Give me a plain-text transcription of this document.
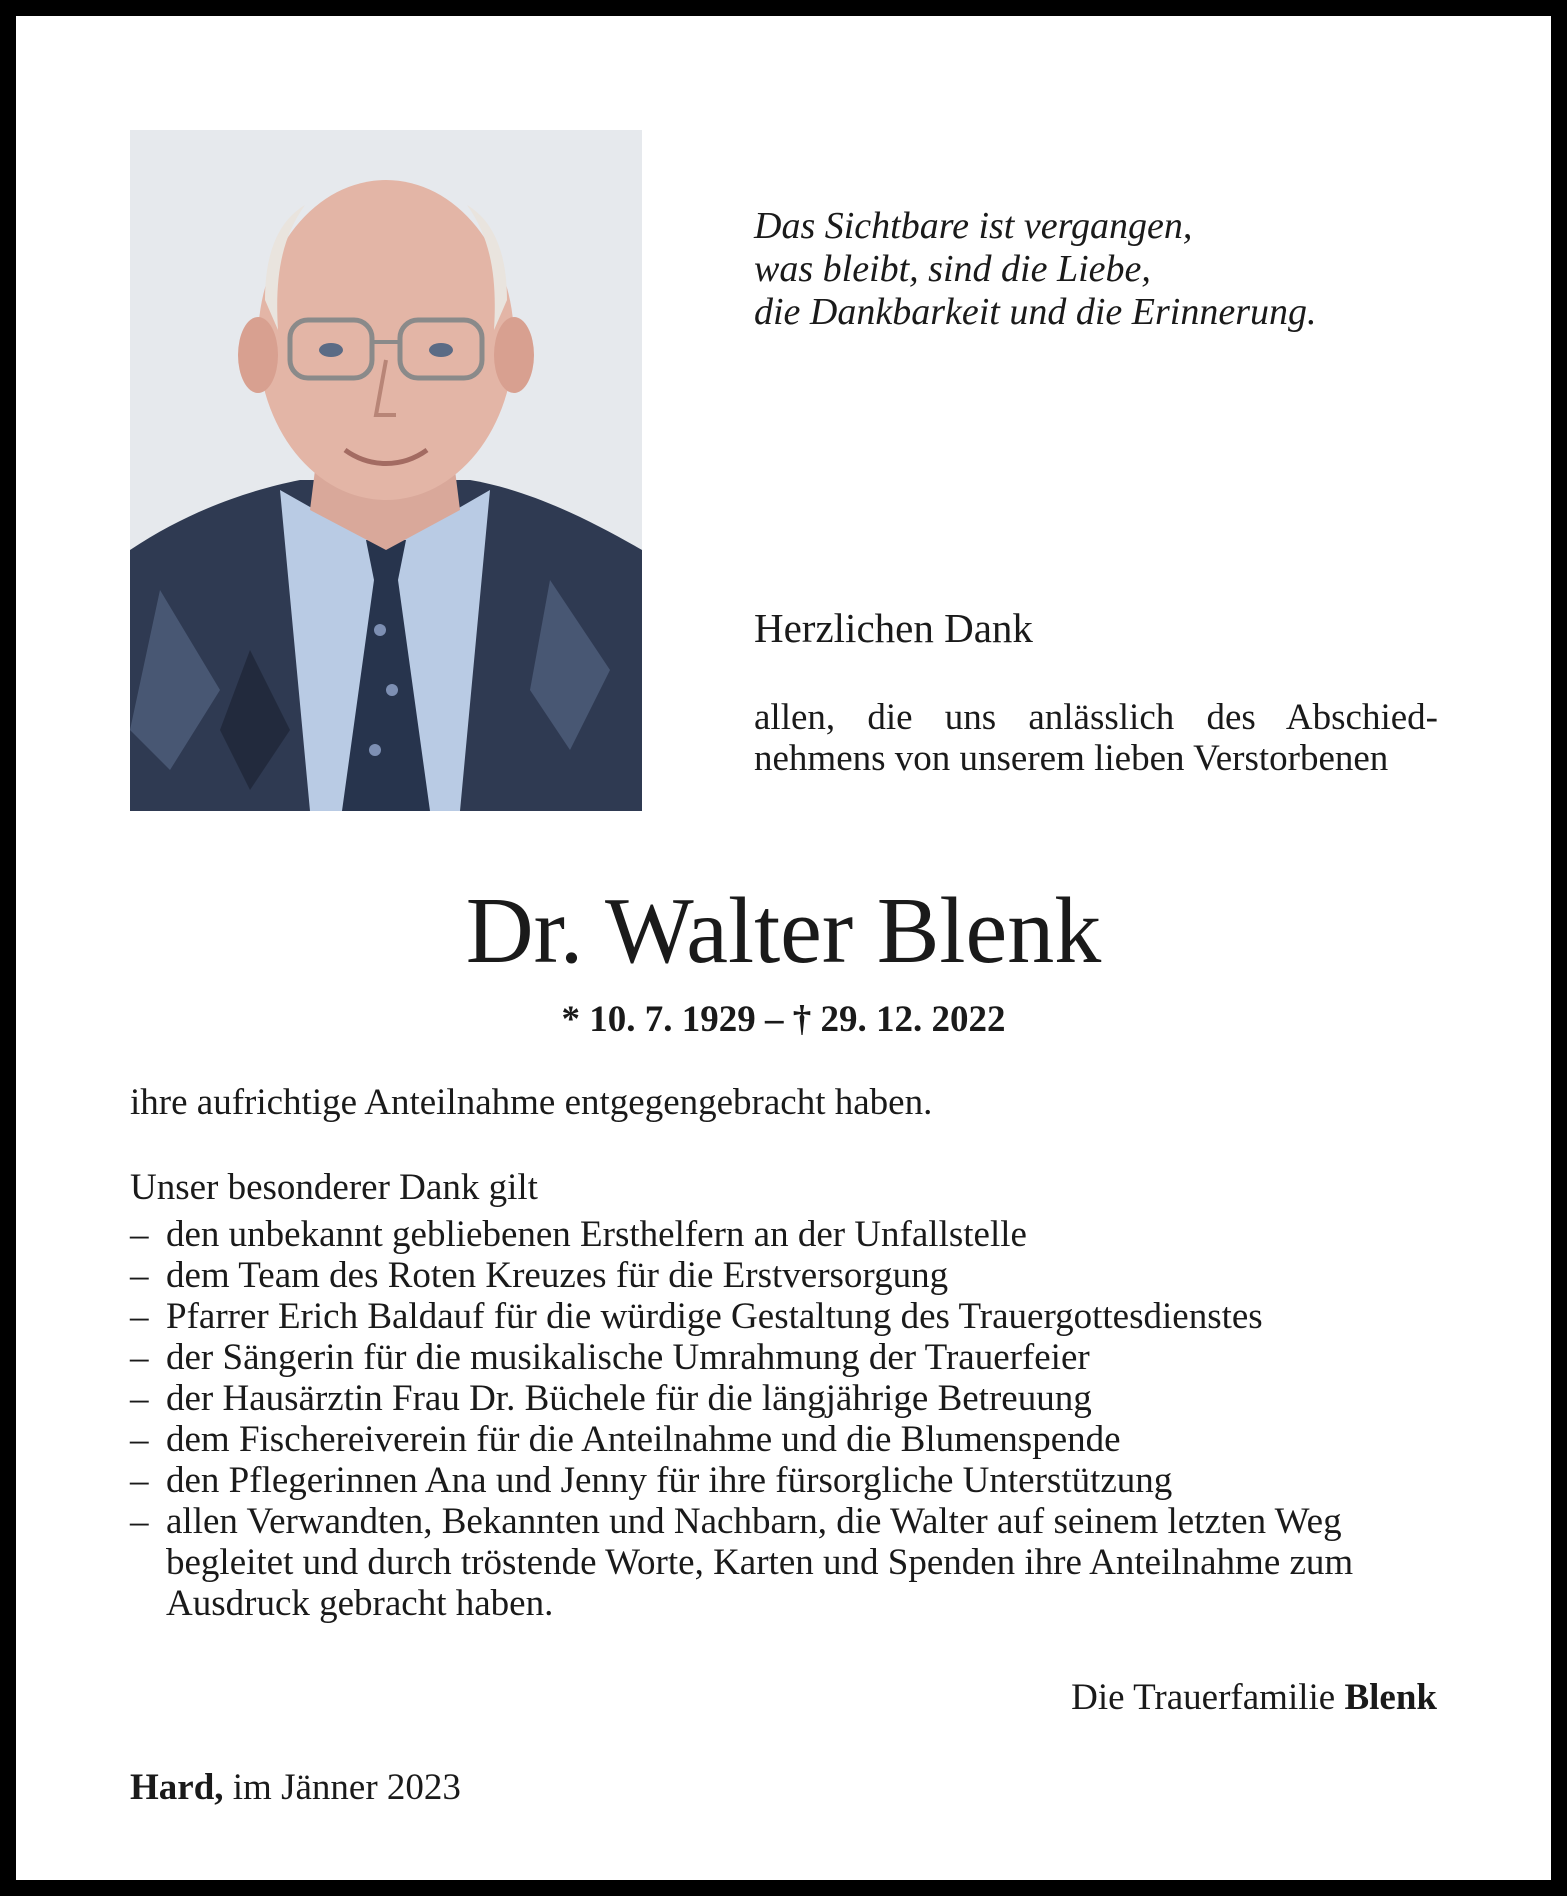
Das Sichtbare ist vergangen,
was bleibt, sind die Liebe,
die Dankbarkeit und die Erinnerung.
Herzlichen Dank
allen, die uns anlässlich des Abschiednehmens von unserem lieben Verstorbenen
Dr. Walter Blenk
* 10. 7. 1929 – † 29. 12. 2022
ihre aufrichtige Anteilnahme entgegengebracht haben.
Unser besonderer Dank gilt
– den unbekannt gebliebenen Ersthelfern an der Unfallstelle
– dem Team des Roten Kreuzes für die Erstversorgung
– Pfarrer Erich Baldauf für die würdige Gestaltung des Trauergottesdienstes
– der Sängerin für die musikalische Umrahmung der Trauerfeier
– der Hausärztin Frau Dr. Büchele für die längjährige Betreuung
– dem Fischereiverein für die Anteilnahme und die Blumenspende
– den Pflegerinnen Ana und Jenny für ihre fürsorgliche Unterstützung
– allen Verwandten, Bekannten und Nachbarn, die Walter auf seinem letzten Weg begleitet und durch tröstende Worte, Karten und Spenden ihre Anteilnahme zum Ausdruck gebracht haben.
Die Trauerfamilie Blenk
Hard, im Jänner 2023
